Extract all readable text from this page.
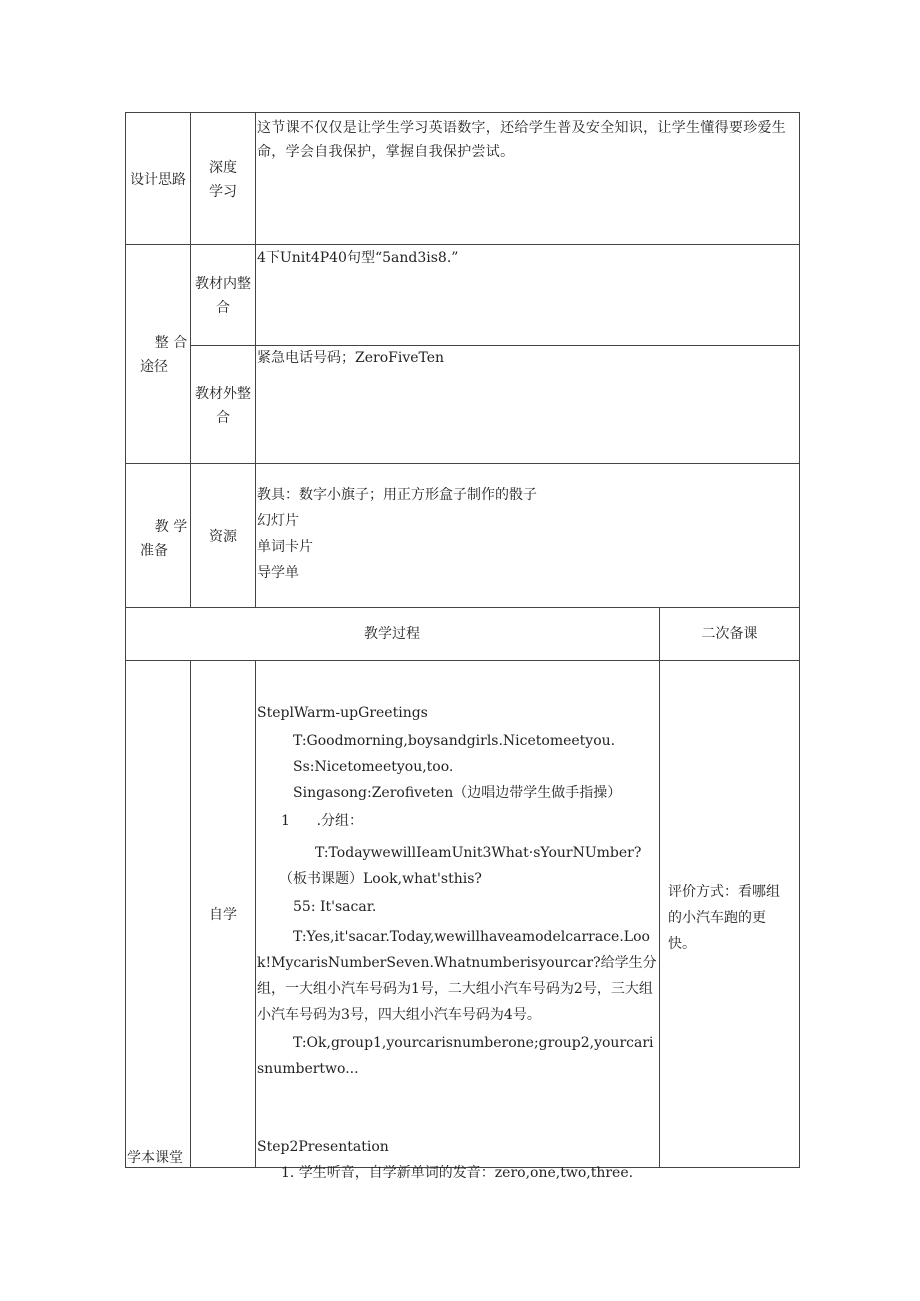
设计思路
深度
学习
这节课不仅仅是让学生学习英语数字，还给学生普及安全知识，让学生懂得要珍爱生命，学会自我保护，掌握自我保护尝试。
整 合
途径
教材内整
合
4下Unit4P40句型“5and3is8.”
教材外整
合
紧急电话号码；ZeroFiveTen
教 学
准备
资源
教具：数字小旗子；用正方形盒子制作的骰子
幻灯片
单词卡片
导学单
教学过程	二次备课
学本课堂
自学
SteplWarm-upGreetings
T:Goodmorning,boysandgirls.Nicetomeetyou.
Ss:Nicetomeetyou,too.
Singasong:Zerofiveten（边唱边带学生做手指操）
1      .分组：
T:TodaywewillIeamUnit3What·sYourNUmber?（板书课题）Look,what'sthis?
55: It'sacar.
T:Yes,it'sacar.Today,wewillhaveamodelcarrace.Look!MycarisNumberSeven.Whatnumberisyourcar?给学生分组，一大组小汽车号码为1号，二大组小汽车号码为2号，三大组小汽车号码为3号，四大组小汽车号码为4号。
T:Ok,group1,yourcarisnumberone;group2,yourcarisnumbertwo...
Step2Presentation
1. 学生听音，自学新单词的发音：zero,one,two,three.
评价方式：看哪组的小汽车跑的更快。
